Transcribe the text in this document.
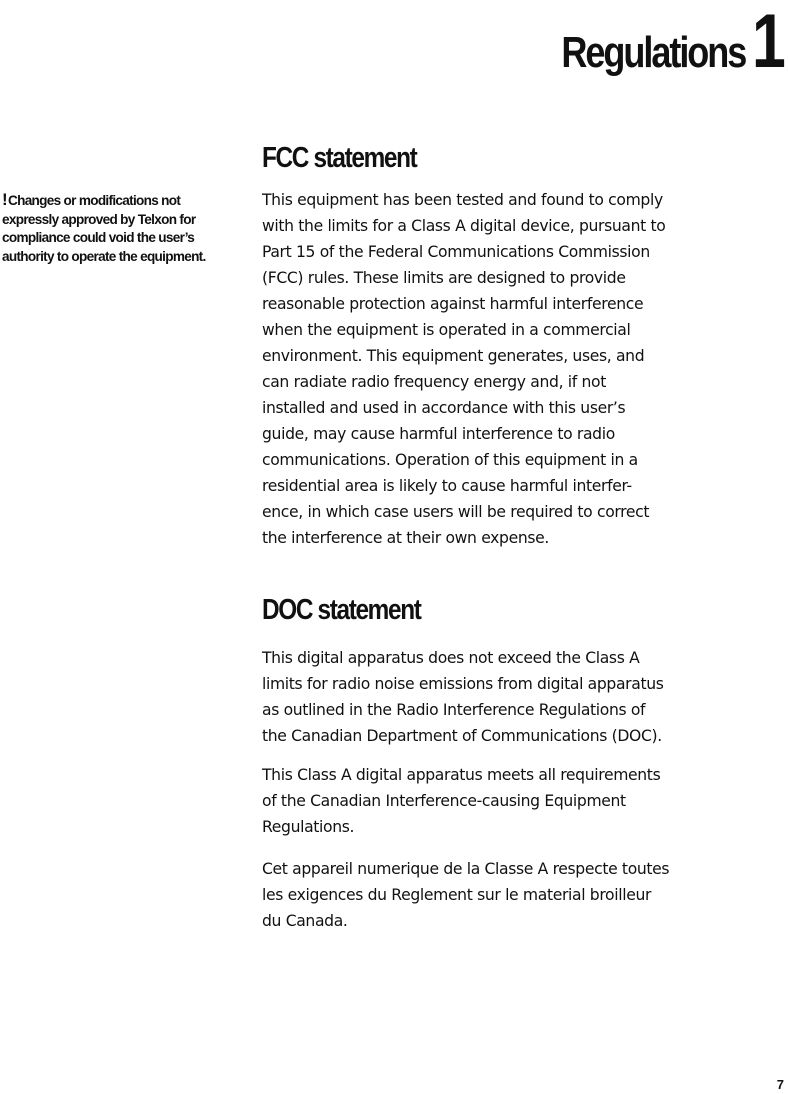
Regulations1
FCC statement
!Changes or modifications not
expressly approved by Telxon for
compliance could void the user’s
authority to operate the equipment.

This equipment has been tested and found to comply
with the limits for a Class A digital device, pursuant to
Part 15 of the Federal Communications Commission
(FCC) rules. These limits are designed to provide
reasonable protection against harmful interference
when the equipment is operated in a commercial
environment. This equipment generates, uses, and
can radiate radio frequency energy and, if not
installed and used in accordance with this user’s
guide, may cause harmful interference to radio
communications. Operation of this equipment in a
residential area is likely to cause harmful interfer-
ence, in which case users will be required to correct
the interference at their own expense.

DOC statement

This digital apparatus does not exceed the Class A
limits for radio noise emissions from digital apparatus
as outlined in the Radio Interference Regulations of
the Canadian Department of Communications (DOC).

This Class A digital apparatus meets all requirements
of the Canadian Interference-causing Equipment
Regulations.

Cet appareil numerique de la Classe A respecte toutes
les exigences du Reglement sur le material broilleur
du Canada.

7
